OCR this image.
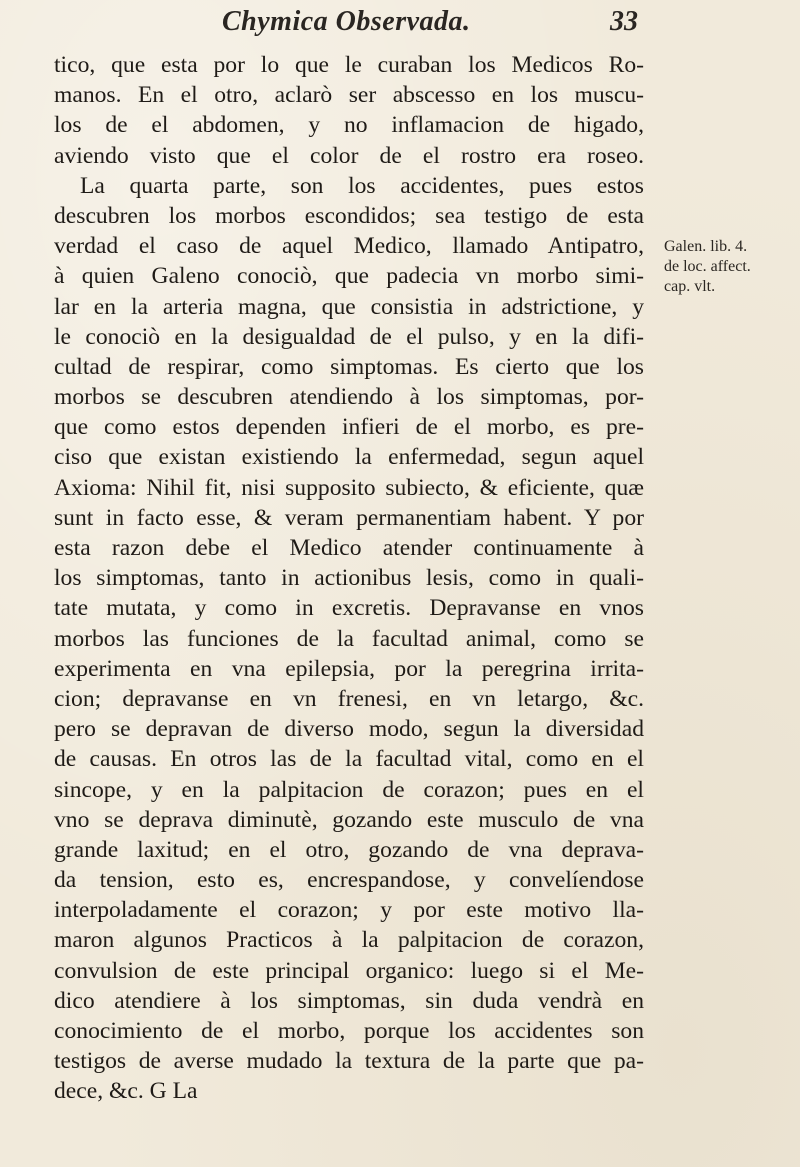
Chymica Observada.	33
tico, que esta por lo que le curaban los Medicos Ro-
manos. En el otro, aclarò ser abscesso en los muscu-
los de el abdomen, y no inflamacion de higado,
aviendo visto que el color de el rostro era roseo.
La quarta parte, son los accidentes, pues estos
descubren los morbos escondidos; sea testigo de esta
verdad el caso de aquel Medico, llamado Antipatro,
à quien Galeno conociò, que padecia vn morbo simi-
lar en la arteria magna, que consistia in adstrictione, y
le conociò en la desigualdad de el pulso, y en la difi-
cultad de respirar, como simptomas. Es cierto que los
morbos se descubren atendiendo à los simptomas, por-
que como estos dependen infieri de el morbo, es pre-
ciso que existan existiendo la enfermedad, segun aquel
Axioma: Nihil fit, nisi supposito subiecto, & eficiente, quæ
sunt in facto esse, & veram permanentiam habent. Y por
esta razon debe el Medico atender continuamente à
los simptomas, tanto in actionibus lesis, como in quali-
tate mutata, y como in excretis. Depravanse en vnos
morbos las funciones de la facultad animal, como se
experimenta en vna epilepsia, por la peregrina irrita-
cion; depravanse en vn frenesi, en vn letargo, &c.
pero se depravan de diverso modo, segun la diversidad
de causas. En otros las de la facultad vital, como en el
sincope, y en la palpitacion de corazon; pues en el
vno se deprava diminutè, gozando este musculo de vna
grande laxitud; en el otro, gozando de vna deprava-
da tension, esto es, encrespandose, y convelíendose
interpoladamente el corazon; y por este motivo lla-
maron algunos Practicos à la palpitacion de corazon,
convulsion de este principal organico: luego si el Me-
dico atendiere à los simptomas, sin duda vendrà en
conocimiento de el morbo, porque los accidentes son
testigos de averse mudado la textura de la parte que pa-
dece, &c. G La
Galen. lib. 4.
de loc. affect.
cap. vlt.
